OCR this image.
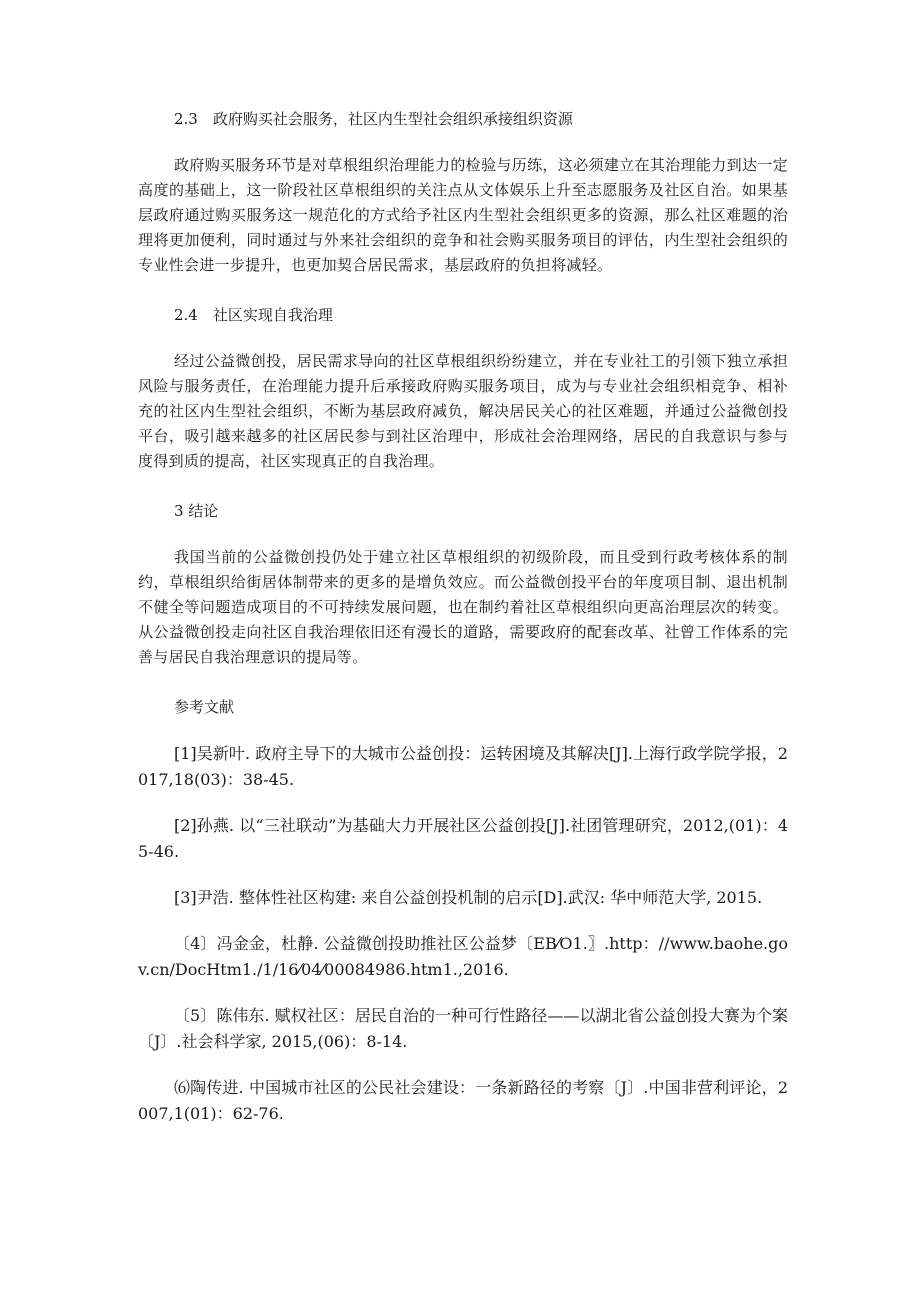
2.3　政府购买社会服务，社区内生型社会组织承接组织资源

政府购买服务环节是对草根组织治理能力的检验与历练，这必须建立在其治理能力到达一定高度的基础上，这一阶段社区草根组织的关注点从文体娱乐上升至志愿服务及社区自治。如果基层政府通过购买服务这一规范化的方式给予社区内生型社会组织更多的资源，那么社区难题的治理将更加便利，同时通过与外来社会组织的竞争和社会购买服务项目的评估，内生型社会组织的专业性会进一步提升，也更加契合居民需求，基层政府的负担将减轻。

2.4　社区实现自我治理

经过公益微创投，居民需求导向的社区草根组织纷纷建立，并在专业社工的引领下独立承担风险与服务责任，在治理能力提升后承接政府购买服务项目，成为与专业社会组织相竞争、相补充的社区内生型社会组织，不断为基层政府减负，解决居民关心的社区难题，并通过公益微创投平台，吸引越来越多的社区居民参与到社区治理中，形成社会治理网络，居民的自我意识与参与度得到质的提高，社区实现真正的自我治理。

3 结论

我国当前的公益微创投仍处于建立社区草根组织的初级阶段，而且受到行政考核体系的制约，草根组织给街居体制带来的更多的是增负效应。而公益微创投平台的年度项目制、退出机制不健全等问题造成项目的不可持续发展问题，也在制约着社区草根组织向更高治理层次的转变。从公益微创投走向社区自我治理依旧还有漫长的道路，需要政府的配套改革、社曾工作体系的完善与居民自我治理意识的提局等。

参考文献

[1]吴新叶. 政府主导下的大城市公益创投：运转困境及其解决[J].上海行政学院学报，2017,18(03)：38-45.

[2]孙燕. 以“三社联动”为基础大力开展社区公益创投[J].社团管理研究，2012,(01)：45-46.

[3]尹浩. 整体性社区构建: 来自公益创投机制的启示[D].武汉: 华中师范大学, 2015.

〔4〕冯金金，杜静. 公益微创投助推社区公益梦〔EB⁄O1.〗.http：//www.baohe.gov.cn/DocHtm1./1/16⁄04⁄00084986.htm1.,2016.

〔5〕陈伟东. 赋权社区：居民自治的一种可行性路径——以湖北省公益创投大赛为个案〔J〕.社会科学家, 2015,(06)：8-14.

⑹陶传进. 中国城市社区的公民社会建设：一条新路径的考察〔J〕.中国非营利评论，2007,1(01)：62-76.
